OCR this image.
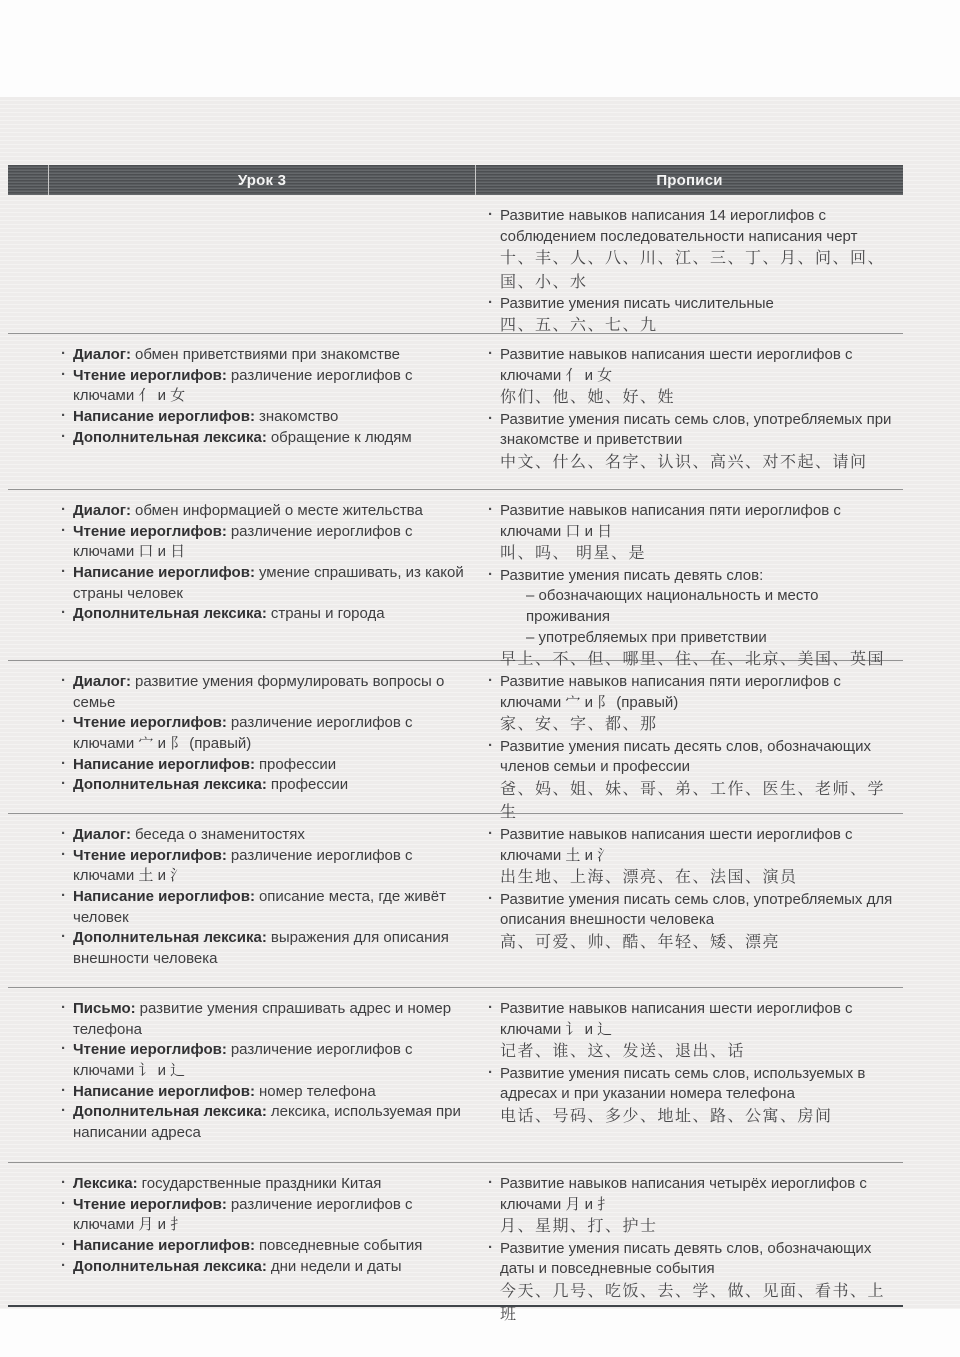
Урок 3	Прописи
· Развитие навыков написания 14 иероглифов с соблюдением последовательности написания черт
十、丰、人、八、川、江、三、丁、月、问、回、国、小、水
· Развитие умения писать числительные
四、五、六、七、九
· Диалог: обмен приветствиями при знакомстве
· Чтение иероглифов: различение иероглифов с ключами 亻 и 女
· Написание иероглифов: знакомство
· Дополнительная лексика: обращение к людям
· Развитие навыков написания шести иероглифов с ключами 亻 и 女
你们、他、她、好、姓
· Развитие умения писать семь слов, употребляемых при знакомстве и приветствии
中文、什么、名字、认识、高兴、对不起、请问
· Диалог: обмен информацией о месте жительства
· Чтение иероглифов: различение иероглифов с ключами 口 и 日
· Написание иероглифов: умение спрашивать, из какой страны человек
· Дополнительная лексика: страны и города
· Развитие навыков написания пяти иероглифов с ключами 口 и 日
叫、吗、 明星、是
· Развитие умения писать девять слов:
– обозначающих национальность и место проживания
– употребляемых при приветствии
早上、不、但、哪里、住、在、北京、美国、英国
· Диалог: развитие умения формулировать вопросы о семье
· Чтение иероглифов: различение иероглифов с ключами 宀 и 阝 (правый)
· Написание иероглифов: профессии
· Дополнительная лексика: профессии
· Развитие навыков написания пяти иероглифов с ключами 宀 и 阝 (правый)
家、安、字、都、那
· Развитие умения писать десять слов, обозначающих членов семьи и профессии
爸、妈、姐、妹、哥、弟、工作、医生、老师、学生
· Диалог: беседа о знаменитостях
· Чтение иероглифов: различение иероглифов с ключами 土 и 氵
· Написание иероглифов: описание места, где живёт человек
· Дополнительная лексика: выражения для описания внешности человека
· Развитие навыков написания шести иероглифов с ключами 土 и 氵
出生地、上海、漂亮、在、法国、演员
· Развитие умения писать семь слов, употребляемых для описания внешности человека
高、可爱、帅、酷、年轻、矮、漂亮
· Письмо: развитие умения спрашивать адрес и номер телефона
· Чтение иероглифов: различение иероглифов с ключами 讠 и 辶
· Написание иероглифов: номер телефона
· Дополнительная лексика: лексика, используемая при написании адреса
· Развитие навыков написания шести иероглифов с ключами 讠 и 辶
记者、谁、这、发送、退出、话
· Развитие умения писать семь слов, используемых в адресах и при указании номера телефона
电话、号码、多少、地址、路、公寓、房间
· Лексика: государственные праздники Китая
· Чтение иероглифов: различение иероглифов с ключами 月 и 扌
· Написание иероглифов: повседневные события
· Дополнительная лексика: дни недели и даты
· Развитие навыков написания четырёх иероглифов с ключами 月 и 扌
月、星期、打、护士
· Развитие умения писать девять слов, обозначающих даты и повседневные события
今天、几号、吃饭、去、学、做、见面、看书、上班
